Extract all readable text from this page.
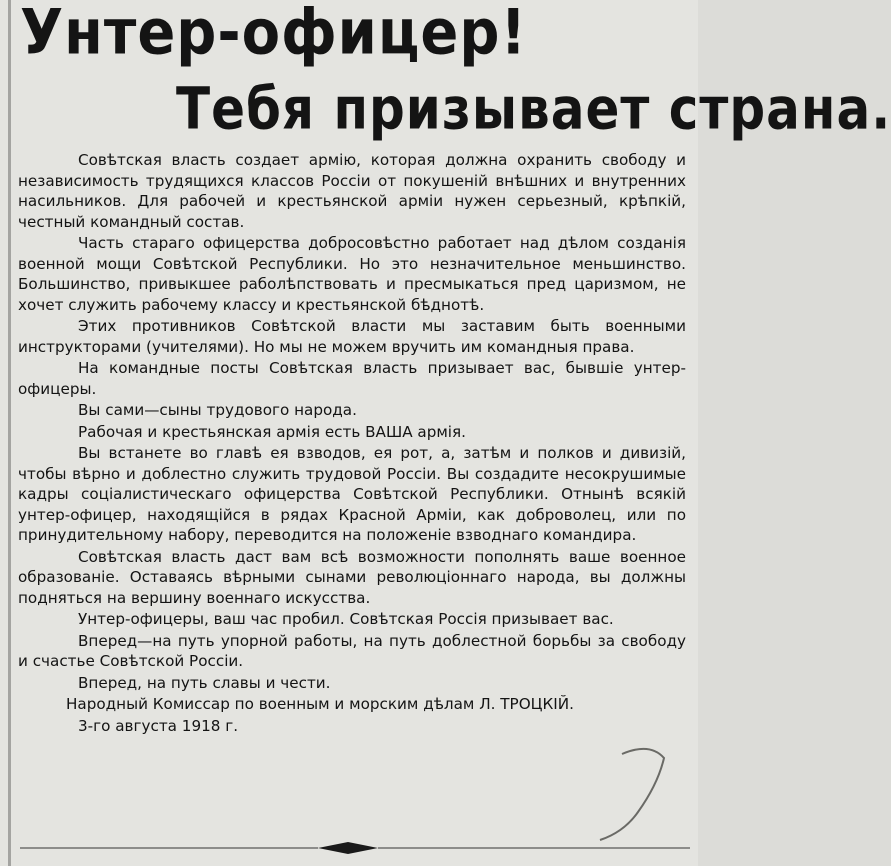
Унтер-офицер!
Тебя призывает страна.

Совѣтская власть создает армію, которая должна охранить свободу и независимость трудящихся классов Россіи от покушеній внѣшних и внутренних насильников. Для рабочей и крестьянской арміи нужен серьезный, крѣпкій, честный командный состав.

Часть стараго офицерства добросовѣстно работает над дѣлом созданія военной мощи Совѣтской Республики. Но это незначительное меньшинство. Большинство, привыкшее раболѣпствовать и пресмыкаться пред царизмом, не хочет служить рабочему классу и крестьянской бѣднотѣ.

Этих противников Совѣтской власти мы заставим быть военными инструкторами (учителями). Но мы не можем вручить им командныя права.

На командные посты Совѣтская власть призывает вас, бывшіе унтер-офицеры.

Вы сами—сыны трудового народа.

Рабочая и крестьянская армія есть ВАША армія.

Вы встанете во главѣ ея взводов, ея рот, а, затѣм и полков и дивизій, чтобы вѣрно и доблестно служить трудовой Россіи. Вы создадите несокрушимые кадры соціалистическаго офицерства Совѣтской Республики. Отнынѣ всякій унтер-офицер, находящійся в рядах Красной Арміи, как доброволец, или по принудительному набору, переводится на положеніе взводнаго командира.

Совѣтская власть даст вам всѣ возможности пополнять ваше военное образованіе. Оставаясь вѣрными сынами революціоннаго народа, вы должны подняться на вершину военнаго искусства.

Унтер-офицеры, ваш час пробил. Совѣтская Россія призывает вас.

Вперед—на путь упорной работы, на путь доблестной борьбы за свободу и счастье Совѣтской Россіи.

Вперед, на путь славы и чести.

Народный Комиссар по военным и морским дѣлам Л. ТРОЦКІЙ.

3-го августа 1918 г.
